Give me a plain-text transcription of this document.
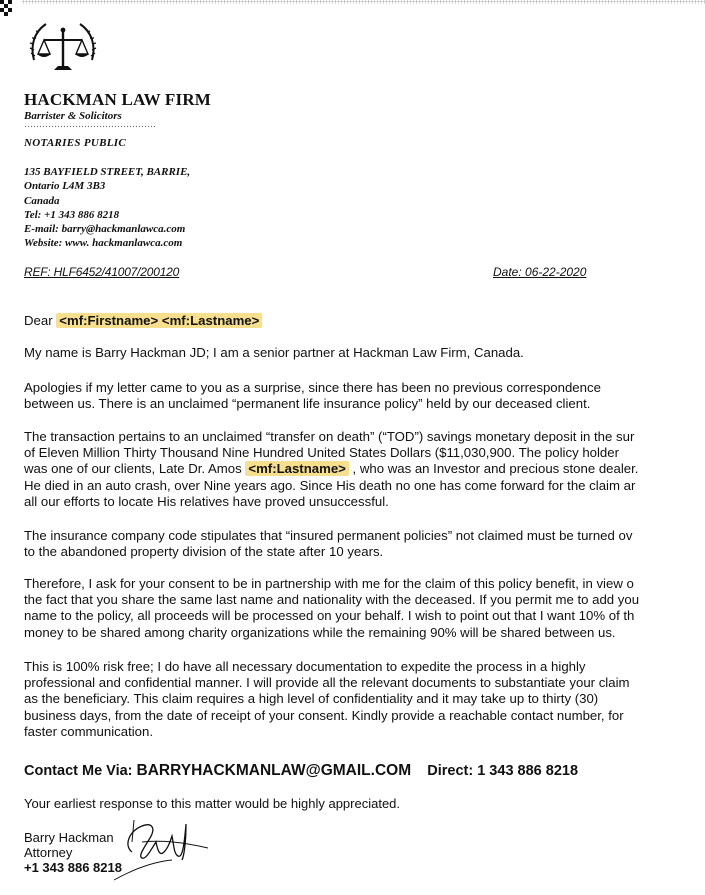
HACKMAN LAW FIRM
Barrister & Solicitors
NOTARIES PUBLIC
135 BAYFIELD STREET, BARRIE,
Ontario L4M 3B3
Canada
Tel: +1 343 886 8218
E-mail: barry@hackmanlawca.com
Website: www. hackmanlawca.com
REF: HLF6452/41007/200120	Date: 06-22-2020
Dear <mf:Firstname> <mf:Lastname>
My name is Barry Hackman JD; I am a senior partner at Hackman Law Firm, Canada.
Apologies if my letter came to you as a surprise, since there has been no previous correspondence
between us. There is an unclaimed “permanent life insurance policy” held by our deceased client.
The transaction pertains to an unclaimed “transfer on death” (“TOD”) savings monetary deposit in the sur
of Eleven Million Thirty Thousand Nine Hundred United States Dollars ($11,030,900. The policy holder
was one of our clients, Late Dr. Amos <mf:Lastname> , who was an Investor and precious stone dealer.
He died in an auto crash, over Nine years ago. Since His death no one has come forward for the claim ar
all our efforts to locate His relatives have proved unsuccessful.
The insurance company code stipulates that “insured permanent policies” not claimed must be turned ov
to the abandoned property division of the state after 10 years.
Therefore, I ask for your consent to be in partnership with me for the claim of this policy benefit, in view o
the fact that you share the same last name and nationality with the deceased. If you permit me to add you
name to the policy, all proceeds will be processed on your behalf. I wish to point out that I want 10% of th
money to be shared among charity organizations while the remaining 90% will be shared between us.
This is 100% risk free; I do have all necessary documentation to expedite the process in a highly
professional and confidential manner. I will provide all the relevant documents to substantiate your claim
as the beneficiary. This claim requires a high level of confidentiality and it may take up to thirty (30)
business days, from the date of receipt of your consent. Kindly provide a reachable contact number, for
faster communication.
Contact Me Via: BARRYHACKMANLAW@GMAIL.COM Direct: 1 343 886 8218
Your earliest response to this matter would be highly appreciated.
Barry Hackman
Attorney
+1 343 886 8218
